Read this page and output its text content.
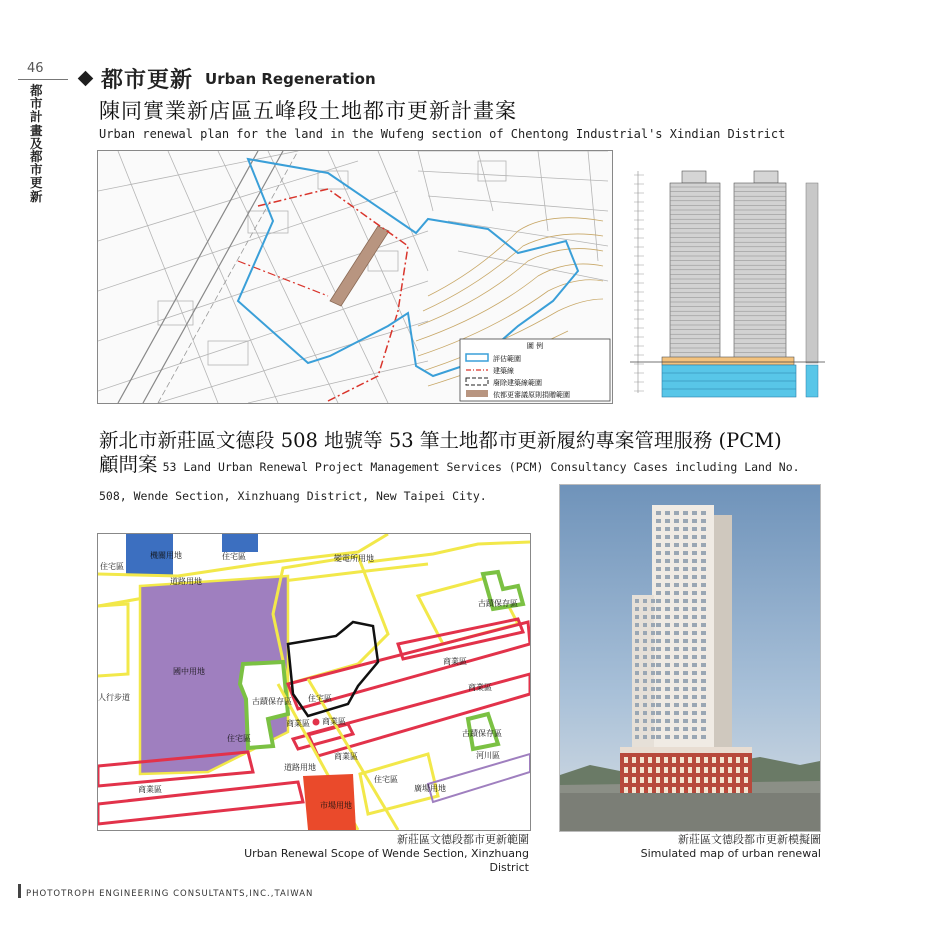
46
都市計畫及都市更新
都市更新 Urban Regeneration
陳同實業新店區五峰段土地都市更新計畫案
Urban renewal plan for the land in the Wufeng section of Chentong Industrial's Xindian District
圖 例
評估範圍
建築線
廢除建築線範圍
依都更審議原則捐贈範圍
新北市新莊區文德段 508 地號等 53 筆土地都市更新履約專案管理服務 (PCM)
顧問案 53 Land Urban Renewal Project Management Services (PCM) Consultancy Cases including Land No. 508, Wende Section, Xinzhuang District, New Taipei City.
機關用地	住宅區
住宅區
道路用地
變電所用地
古蹟保存區
國中用地
商業區
商業區
人行步道	古蹟保存區 住宅區
商業區 商業區
古蹟保存區
住宅區
商業區	河川區
道路用地
住宅區
商業區	廣場用地
市場用地
新莊區文德段都市更新範圍
Urban Renewal Scope of Wende Section, Xinzhuang District
新莊區文德段都市更新模擬圖
Simulated map of urban renewal
PHOTOTROPH ENGINEERING CONSULTANTS,INC.,TAIWAN
